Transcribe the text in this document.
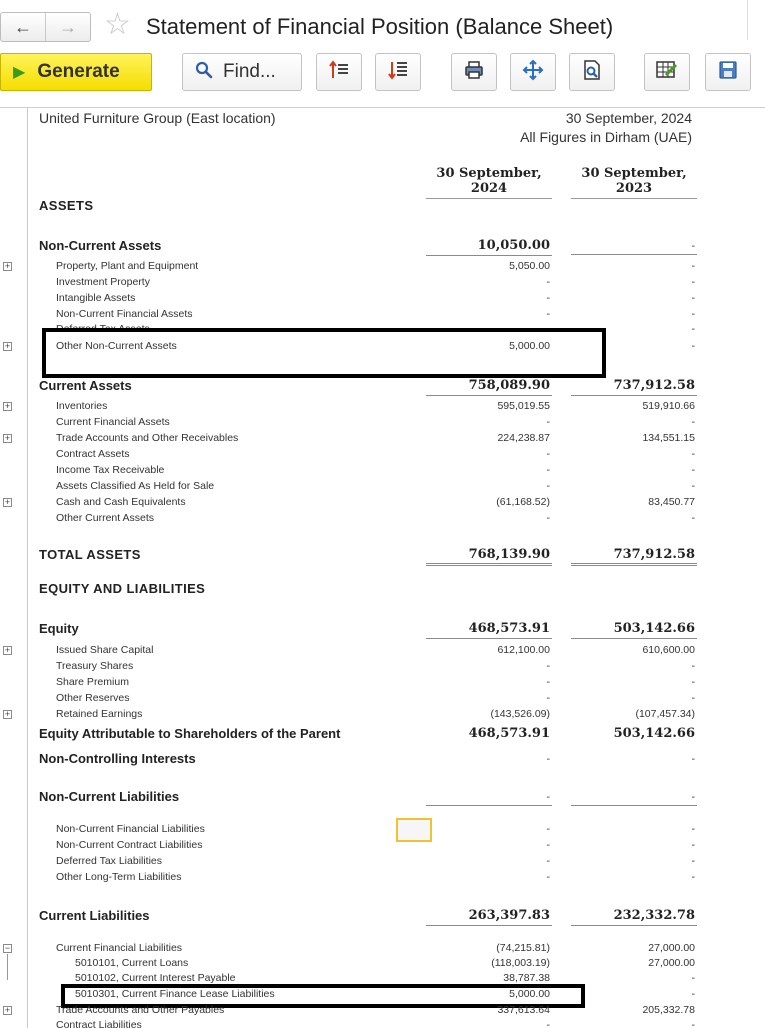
← → ☆ Statement of Financial Position (Balance Sheet)
▶ Generate	Find...
United Furniture Group (East location)	30 September, 2024
All Figures in Dirham (UAE)
30 September,
2024
30 September,
2023
ASSETS
Non-Current Assets	10,050.00	-
+	Property, Plant and Equipment	5,050.00	-
Investment Property	-	-
Intangible Assets	-	-
Non-Current Financial Assets	-	-
Deferred Tax Assets	-	-
+	Other Non-Current Assets	5,000.00	-
Current Assets	758,089.90	737,912.58
+	Inventories	595,019.55	519,910.66
Current Financial Assets	-	-
+	Trade Accounts and Other Receivables	224,238.87	134,551.15
Contract Assets	-	-
Income Tax Receivable	-	-
Assets Classified As Held for Sale	-	-
+	Cash and Cash Equivalents	(61,168.52)	83,450.77
Other Current Assets	-	-
TOTAL ASSETS	768,139.90	737,912.58
EQUITY AND LIABILITIES
Equity	468,573.91	503,142.66
+	Issued Share Capital	612,100.00	610,600.00
Treasury Shares	-	-
Share Premium	-	-
Other Reserves	-	-
+	Retained Earnings	(143,526.09)	(107,457.34)
Equity Attributable to Shareholders of the Parent	468,573.91	503,142.66
Non-Controlling Interests	-	-
Non-Current Liabilities	-	-
Non-Current Financial Liabilities	-	-
Non-Current Contract Liabilities	-	-
Deferred Tax Liabilities	-	-
Other Long-Term Liabilities	-	-
Current Liabilities	263,397.83	232,332.78
−
+
Current Financial Liabilities	(74,215.81)	27,000.00
5010101, Current Loans	(118,003.19)	27,000.00
5010102, Current Interest Payable	38,787.38	-
5010301, Current Finance Lease Liabilities	5,000.00	-
Trade Accounts and Other Payables	337,613.64	205,332.78
Contract Liabilities	-	-
